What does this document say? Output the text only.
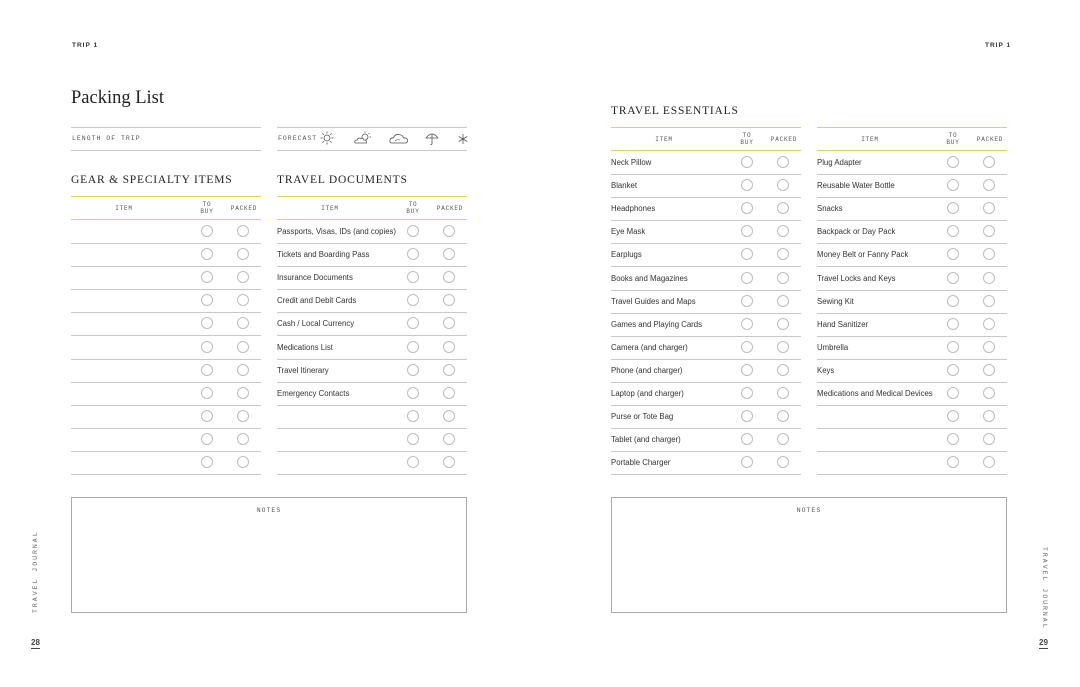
TRIP 1
Packing List
LENGTH OF TRIP	FORECAST
GEAR & SPECIALTY ITEMS
ITEM
TO BUY	PACKED
TRAVEL DOCUMENTS
ITEM
TO BUY	PACKED
Passports, Visas, IDs (and copies)
Tickets and Boarding Pass
Insurance Documents
Credit and Debit Cards
Cash / Local Currency
Medications List
Travel Itinerary
Emergency Contacts
NOTES
TRAVEL JOURNAL
28
TRIP 1
TRAVEL ESSENTIALS
ITEM
TO BUY	PACKED
Neck Pillow
Blanket
Headphones
Eye Mask
Earplugs
Books and Magazines
Travel Guides and Maps
Games and Playing Cards
Camera (and charger)
Phone (and charger)
Laptop (and charger)
Purse or Tote Bag
Tablet (and charger)
Portable Charger
ITEM
TO BUY	PACKED
Plug Adapter
Reusable Water Bottle
Snacks
Backpack or Day Pack
Money Belt or Fanny Pack
Travel Locks and Keys
Sewing Kit
Hand Sanitizer
Umbrella
Keys
Medications and Medical Devices
NOTES
TRAVEL JOURNAL
29
